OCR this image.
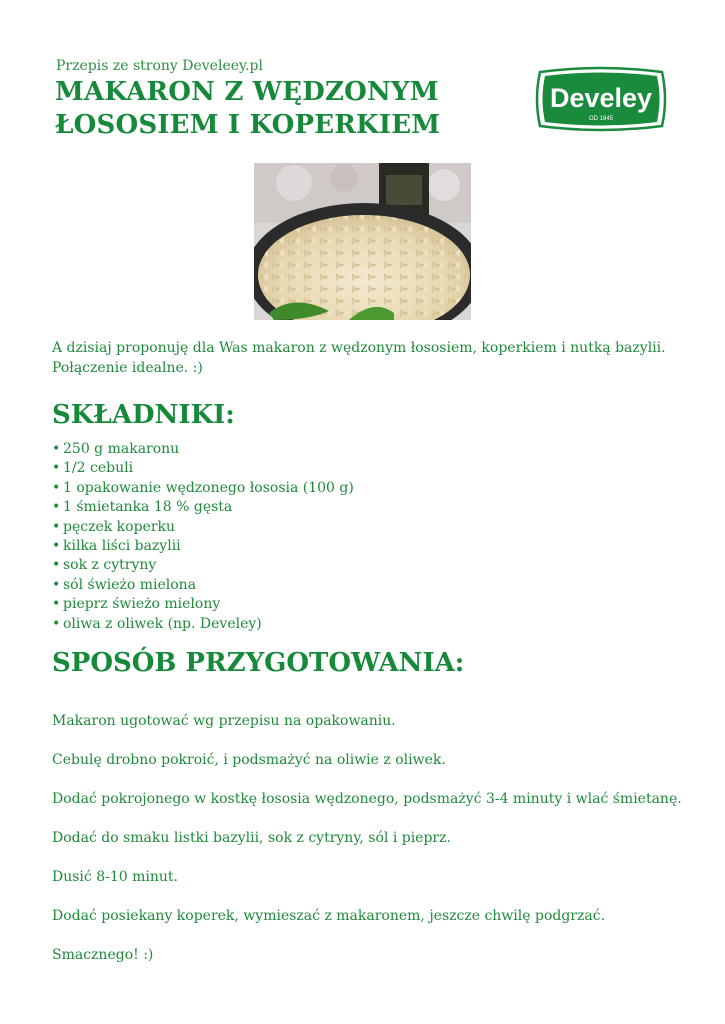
Przepis ze strony Develeey.pl
MAKARON Z WĘDZONYM
ŁOSOSIEM I KOPERKIEM
Develey
OD 1845

A dzisiaj proponuję dla Was makaron z wędzonym łososiem, koperkiem i nutką bazylii. Połączenie idealne. :)

SKŁADNIKI:
• 250 g makaronu
• 1/2 cebuli
• 1 opakowanie wędzonego łososia (100 g)
• 1 śmietanka 18 % gęsta
• pęczek koperku
• kilka liści bazylii
• sok z cytryny
• sól świeżo mielona
• pieprz świeżo mielony
• oliwa z oliwek (np. Develey)
SPOSÓB PRZYGOTOWANIA:

Makaron ugotować wg przepisu na opakowaniu.

Cebulę drobno pokroić, i podsmażyć na oliwie z oliwek.

Dodać pokrojonego w kostkę łososia wędzonego, podsmażyć 3-4 minuty i wlać śmietanę.

Dodać do smaku listki bazylii, sok z cytryny, sól i pieprz.

Dusić 8-10 minut.

Dodać posiekany koperek, wymieszać z makaronem, jeszcze chwilę podgrzać.

Smacznego! :)
